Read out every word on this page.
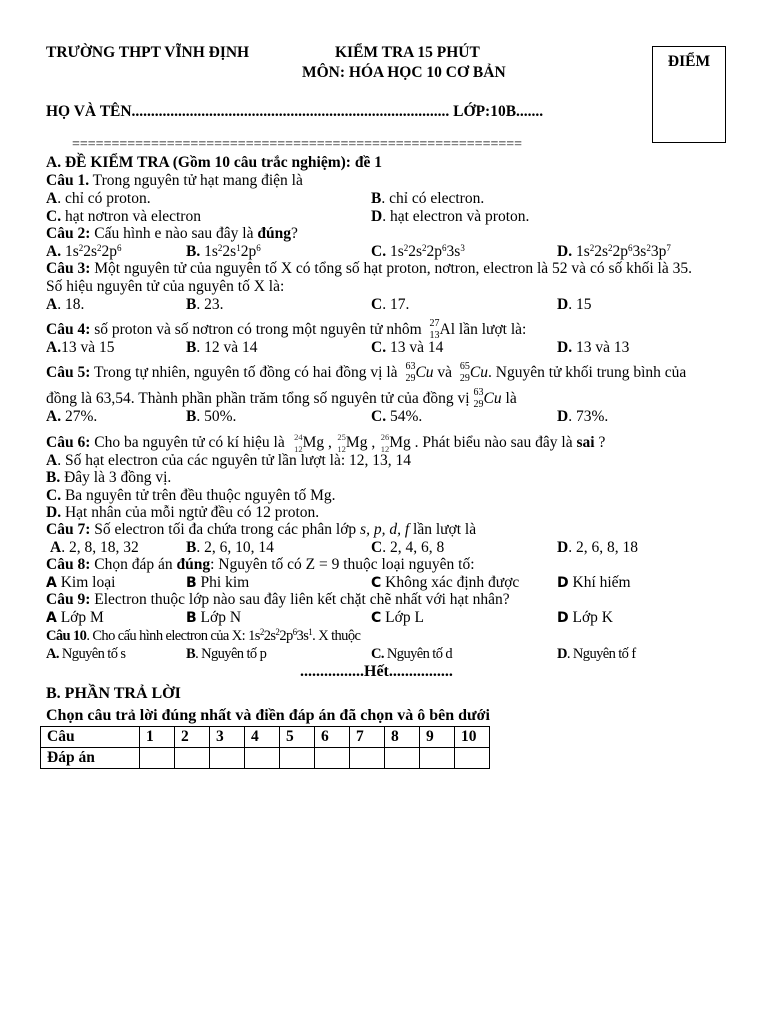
TRƯỜNG THPT VĨNH ĐỊNH	KIỂM TRA 15 PHÚT
MÔN: HÓA HỌC 10 CƠ BẢN
ĐIỂM
HỌ VÀ TÊN.................................................................................. LỚP:10B.......
=========================================================
A. ĐỀ KIỂM TRA (Gồm 10 câu trắc nghiệm): đề 1
Câu 1. Trong nguyên tử hạt mang điện là
A. chỉ có proton.	B. chỉ có electron.
C. hạt nơtron và electron	D. hạt electron và proton.
Câu 2: Cấu hình e nào sau đây là đúng?
A. $1s^22s^22p^6$	B. $1s^22s^12p^6$	C. $1s^22s^22p^63s^3$	D. $1s^22s^22p^63s^23p^7$
Câu 3: Một nguyên tử của nguyên tố X có tổng số hạt proton, nơtron, electron là 52 và có số khối là 35.
Số hiệu nguyên tử của nguyên tố X là:
A. 18.	B. 23.	C. 17.	D. 15
Câu 4: số proton và số nơtron có trong một nguyên tử nhôm 27
13 Al lần lượt là:
A.13 và 15	B. 12 và 14	C. 13 và 14	D. 13 và 13
Câu 5: Trong tự nhiên, nguyên tố đồng có hai đồng vị là 63
29 Cu và 65
29 Cu. Nguyên tử khối trung bình của
đồng là 63,54. Thành phần phần trăm tổng số nguyên tử của đồng vị 63
29 Cu là
A. 27%.	B. 50%.	C. 54%.	D. 73%.
Câu 6: Cho ba nguyên tử có kí hiệu là 24
12 Mg , 25
12 Mg , 26
12 Mg . Phát biểu nào sau đây là sai ?
A. Số hạt electron của các nguyên tử lần lượt là: 12, 13, 14
B. Đây là 3 đồng vị.
C. Ba nguyên tử trên đều thuộc nguyên tố Mg.
D. Hạt nhân của mỗi ngtử đều có 12 proton.
Câu 7: Số electron tối đa chứa trong các phân lớp s, p, d, f lần lượt là
A. 2, 8, 18, 32	B. 2, 6, 10, 14	C. 2, 4, 6, 8	D. 2, 6, 8, 18
Câu 8: Chọn đáp án đúng: Nguyên tố có Z = 9 thuộc loại nguyên tố:
A Kim loại	B Phi kim	C Không xác định được	D Khí hiếm
Câu 9: Electron thuộc lớp nào sau đây liên kết chặt chẽ nhất với hạt nhân?
A Lớp M	B Lớp N	C Lớp L	D Lớp K
Câu 10. Cho cấu hình electron của X: $1s^22s^22p^63s^1$. X thuộc
A. Nguyên tố s	B. Nguyên tố p	C. Nguyên tố d	D. Nguyên tố f
................Hết................
B. PHẦN TRẢ LỜI
Chọn câu trả lời đúng nhất và điền đáp án đã chọn và ô bên dưới
Câu	1	2	3	4	5	6	7	8	9	10
Đáp án										
